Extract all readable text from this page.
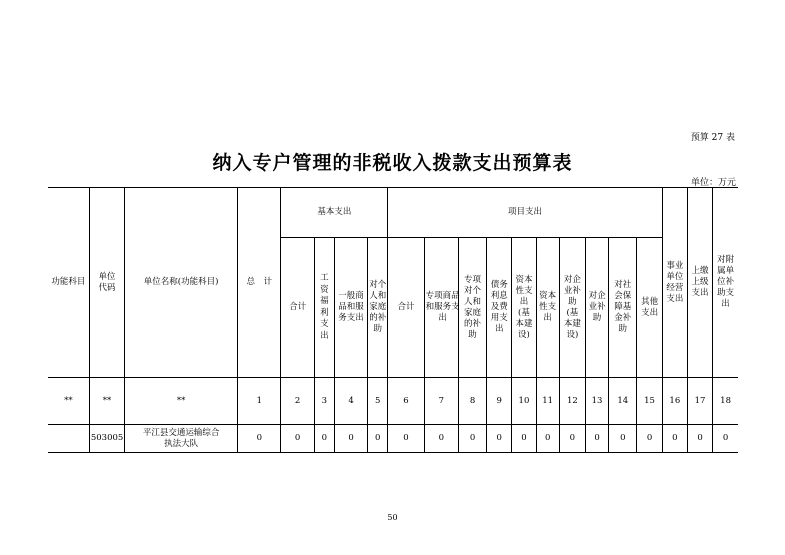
预算 27 表
纳入专户管理的非税收入拨款支出预算表
单位：万元
功能科目	单位代码	单位名称(功能科目)	总　计	基本支出				项目支出										事业单位经营支出	上缴上级支出	对附属单位补助支出
				合计	工资福利支出	一般商品和服务支出	对个人和家庭的补助	合计	专项商品和服务支出	专项对个人和家庭的补助	债务利息及费用支出	资本性支出(基本建设)	资本性支出	对企业补助(基本建设)	对企业补助	对社会保障基金补助	其他支出			

**	**	**	1	2	3	4	5	6	7	8	9	10	11	12	13	14	15	16	17	18
	503005	平江县交通运输综合执法大队	0	0	0	0	0	0	0	0	0	0	0	0	0	0	0	0	0	0
50
